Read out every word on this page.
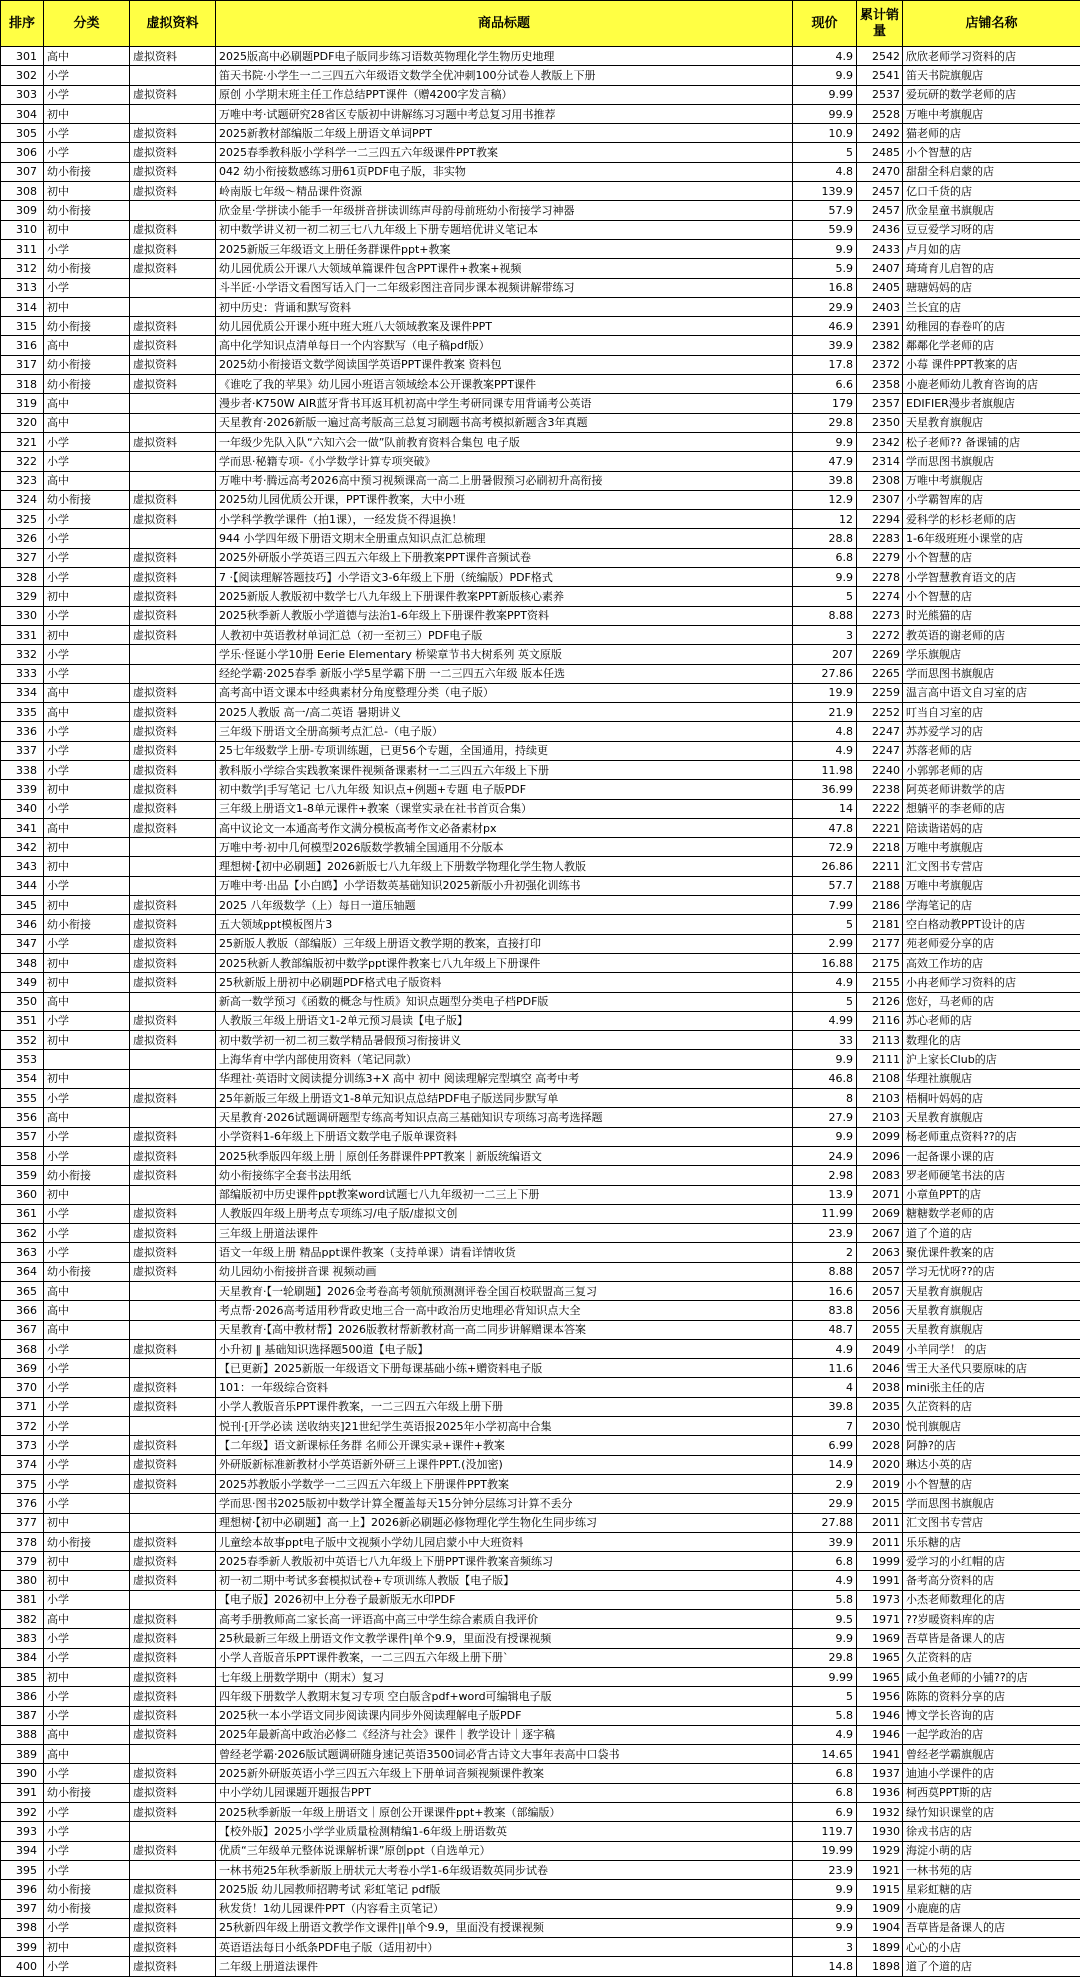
排序	分类	虚拟资料	商品标题	现价	累计销量	店铺名称
301	高中	虚拟资料	2025版高中必刷题PDF电子版同步练习语数英物理化学生物历史地理	4.9	2542	欣欣老师学习资料的店
302	小学		笛天书院·小学生一二三四五六年级语文数学全优冲刺100分试卷人教版上下册	9.9	2541	笛天书院旗舰店
303	小学	虚拟资料	原创 小学期末班主任工作总结PPT课件（赠4200字发言稿）	9.99	2537	爱玩研的数学老师的店
304	初中		万唯中考·试题研究28省区专版初中讲解练习习题中考总复习用书推荐	99.9	2528	万唯中考旗舰店
305	小学	虚拟资料	2025新教材部编版二年级上册语文单词PPT	10.9	2492	猫老师的店
306	小学	虚拟资料	2025春季教科版小学科学一二三四五六年级课件PPT教案	5	2485	小个智慧的店
307	幼小衔接	虚拟资料	042 幼小衔接数感练习册61页PDF电子版，非实物	4.8	2470	甜甜全科启蒙的店
308	初中	虚拟资料	岭南版七年级～精品课件资源	139.9	2457	亿口千货的店
309	幼小衔接		欣金星·学拼读小能手一年级拼音拼读训练声母韵母前班幼小衔接学习神器	57.9	2457	欣金星童书旗舰店
310	初中	虚拟资料	初中数学讲义初一初二初三七八九年级上下册专题培优讲义笔记本	59.9	2436	豆豆爱学习呀的店
311	小学	虚拟资料	2025新版三年级语文上册任务群课件ppt+教案	9.9	2433	卢月如的店
312	幼小衔接	虚拟资料	幼儿园优质公开课八大领域单篇课件包含PPT课件+教案+视频	5.9	2407	琦琦育儿启智的店
313	小学		斗半匠·小学语文看图写话入门一二年级彩图注音同步课本视频讲解带练习	16.8	2405	瑭瑭妈妈的店
314	初中		初中历史：背诵和默写资料	29.9	2403	兰长宜的店
315	幼小衔接	虚拟资料	幼儿园优质公开课小班中班大班八大领域教案及课件PPT	46.9	2391	幼稚园的春卷吖的店
316	高中	虚拟资料	高中化学知识点清单每日一个内容默写（电子稿pdf版）	39.9	2382	鄰鄰化学老师的店
317	幼小衔接	虚拟资料	2025幼小衔接语文数学阅读国学英语PPT课件教案 资料包	17.8	2372	小莓 课件PPT教案的店
318	幼小衔接	虚拟资料	《谁吃了我的苹果》幼儿园小班语言领域绘本公开课教案PPT课件	6.6	2358	小鹿老师幼儿教育咨询的店
319	高中		漫步者·K750W AIR蓝牙背书耳返耳机初高中学生考研同课专用背诵考公英语	179	2357	EDIFIER漫步者旗舰店
320	高中		天星教育·2026新版一遍过高考版高三总复习刷题书高考模拟新题含3年真题	29.8	2350	天星教育旗舰店
321	小学	虚拟资料	一年级少先队入队“六知六会一做”队前教育资料合集包 电子版	9.9	2342	松子老师?? 备课铺的店
322	小学		学而思·秘籍专项-《小学数学计算专项突破》	47.9	2314	学而思图书旗舰店
323	高中		万唯中考·腾远高考2026高中预习视频课高一高二上册暑假预习必刷初升高衔接	39.8	2308	万唯中考旗舰店
324	幼小衔接	虚拟资料	2025幼儿园优质公开课，PPT课件教案，大中小班	12.9	2307	小学霸智库的店
325	小学	虚拟资料	小学科学教学课件（拍1课），一经发货不得退换！	12	2294	爱科学的杉杉老师的店
326	小学		944 小学四年级下册语文期末全册重点知识点汇总梳理	28.8	2283	1-6年级班班小课堂的店
327	小学	虚拟资料	2025外研版小学英语三四五六年级上下册教案PPT课件音频试卷	6.8	2279	小个智慧的店
328	小学	虚拟资料	7 ·【阅读理解答题技巧】小学语文3-6年级上下册（统编版）PDF格式	9.9	2278	小学智慧教育语文的店
329	初中	虚拟资料	2025新版人教版初中数学七八九年级上下册课件教案PPT新版核心素养	5	2274	小个智慧的店
330	小学	虚拟资料	2025秋季新人教版小学道德与法治1-6年级上下册课件教案PPT资料	8.88	2273	时光熊猫的店
331	初中	虚拟资料	人教初中英语教材单词汇总（初一至初三）PDF电子版	3	2272	教英语的谢老师的店
332	小学		学乐·怪诞小学10册 Eerie Elementary 桥梁章节书大树系列 英文原版	207	2269	学乐旗舰店
333	小学		经纶学霸·2025春季 新版小学5星学霸下册 一二三四五六年级 版本任选	27.86	2265	学而思图书旗舰店
334	高中	虚拟资料	高考高中语文课本中经典素材分角度整理分类（电子版）	19.9	2259	温言高中语文自习室的店
335	高中	虚拟资料	2025人教版 高一/高二英语 暑期讲义	21.9	2252	叮当自习室的店
336	小学	虚拟资料	三年级下册语文全册高频考点汇总-（电子版）	4.8	2247	苏苏爱学习的店
337	小学	虚拟资料	25七年级数学上册-专项训练题，已更56个专题，全国通用，持续更	4.9	2247	苏落老师的店
338	小学	虚拟资料	教科版小学综合实践教案课件视频备课素材一二三四五六年级上下册	11.98	2240	小郭郭老师的店
339	初中	虚拟资料	初中数学|手写笔记 七八九年级 知识点+例题+专题 电子版PDF	36.99	2238	阿英老师讲数学的店
340	小学	虚拟资料	三年级上册语文1-8单元课件+教案（课堂实录在社书首页合集）	14	2222	想躺平的李老师的店
341	高中	虚拟资料	高中议论文一本通高考作文满分模板高考作文必备素材px	47.8	2221	陪读谐诺妈的店
342	初中		万唯中考·初中几何模型2026版数学教辅全国通用不分版本	72.9	2218	万唯中考旗舰店
343	初中		理想树·【初中必刷题】2026新版七八九年级上下册数学物理化学生物人教版	26.86	2211	汇文图书专营店
344	小学		万唯中考·出品【小白鸥】小学语数英基础知识2025新版小升初强化训练书	57.7	2188	万唯中考旗舰店
345	初中	虚拟资料	2025 八年级数学（上）每日一道压轴题	7.99	2186	学海笔记的店
346	幼小衔接	虚拟资料	五大领域ppt模板图片3	5	2181	空白格动教PPT设计的店
347	小学	虚拟资料	25新版人教版（部编版）三年级上册语文教学期的教案，直接打印	2.99	2177	苑老师爱分享的店
348	初中	虚拟资料	2025秋新人教部编版初中数学ppt课件教案七八九年级上下册课件	16.88	2175	高效工作坊的店
349	初中	虚拟资料	25秋新版上册初中必刷题PDF格式电子版资料	4.9	2155	小冉老师学习资料的店
350	高中		新高一数学预习《函数的概念与性质》知识点题型分类电子档PDF版	5	2126	您好，马老师的店
351	小学	虚拟资料	人教版三年级上册语文1-2单元预习晨读【电子版】	4.99	2116	苏心老师的店
352	初中	虚拟资料	初中数学初一初二初三数学精品暑假预习衔接讲义	33	2113	数理化的店
353			上海华育中学内部使用资料（笔记同款）	9.9	2111	沪上家长Club的店
354	初中		华理社·英语时文阅读提分训练3+X 高中 初中 阅读理解完型填空 高考中考	46.8	2108	华理社旗舰店
355	小学	虚拟资料	25年新版三年级上册语文1-8单元知识点总结PDF电子版送同步默写单	8	2103	梧桐叶妈妈的店
356	高中		天星教育·2026试题调研题型专练高考知识点高三基础知识专项练习高考选择题	27.9	2103	天星教育旗舰店
357	小学	虚拟资料	小学资料1-6年级上下册语文数学电子版单课资料	9.9	2099	杨老师重点资料??的店
358	小学	虚拟资料	2025秋季版四年级上册｜原创任务群课件PPT教案｜新版统编语文	24.9	2096	一起备课小课的店
359	幼小衔接	虚拟资料	幼小衔接练字全套书法用纸	2.98	2083	罗老师硬笔书法的店
360	初中		部编版初中历史课件ppt教案word试题七八九年级初一二三上下册	13.9	2071	小章鱼PPT的店
361	小学	虚拟资料	人教版四年级上册考点专项练习/电子版/虚拟文创	11.99	2069	糖糖数学老师的店
362	小学	虚拟资料	三年级上册道法课件	23.9	2067	道了个道的店
363	小学	虚拟资料	语文一年级上册 精品ppt课件教案（支持单课）请看详情收货	2	2063	聚优课件教案的店
364	幼小衔接	虚拟资料	幼儿园幼小衔接拼音课 视频动画	8.88	2057	学习无忧呀??的店
365	高中		天星教育·【一轮刷题】2026金考卷高考领航预测测评卷全国百校联盟高三复习	16.6	2057	天星教育旗舰店
366	高中		考点帮·2026高考适用秒背政史地三合一高中政治历史地理必背知识点大全	83.8	2056	天星教育旗舰店
367	高中		天星教育·【高中教材帮】2026版教材帮新教材高一高二同步讲解赠课本答案	48.7	2055	天星教育旗舰店
368	小学	虚拟资料	小升初 ‖ 基础知识选择题500道【电子版】	4.9	2049	小羊同学！ 的店
369	小学		【已更新】2025新版一年级语文下册每课基础小练+赠资料电子版	11.6	2046	雪王大圣代只要原味的店
370	小学	虚拟资料	101：一年级综合资料	4	2038	mini张主任的店
371	小学	虚拟资料	小学人教版音乐PPT课件教案，一二三四五六年级上册下册	39.8	2035	久芷资料的店
372	小学		悦刊·[开学必读 送收纳夹]21世纪学生英语报2025年小学初高中合集	7	2030	悦刊旗舰店
373	小学	虚拟资料	【二年级】语文新课标任务群 名师公开课实录+课件+教案	6.99	2028	阿静?的店
374	小学	虚拟资料	外研版新标准新教材小学英语新外研三上课件PPT.(没加密)	14.9	2020	琳达小英的店
375	小学	虚拟资料	2025苏教版小学数学一二三四五六年级上下册课件PPT教案	2.9	2019	小个智慧的店
376	小学		学而思·图书2025版初中数学计算全覆盖每天15分钟分层练习计算不丢分	29.9	2015	学而思图书旗舰店
377	初中		理想树·【初中必刷题】高一上】2026新必刷题必修物理化学生物化生同步练习	27.88	2011	汇文图书专营店
378	幼小衔接	虚拟资料	儿童绘本故事ppt电子版中文视频小学幼儿园启蒙小中大班资料	39.9	2011	乐乐糖的店
379	初中	虚拟资料	2025春季新人教版初中英语七八九年级上下册PPT课件教案音频练习	6.8	1999	爱学习的小红帽的店
380	初中	虚拟资料	初一初二期中考试多套模拟试卷+专项训练人教版【电子版】	4.9	1991	备考高分资料的店
381	小学		【电子版】2026初中上分卷子最新版无水印PDF	5.8	1973	小杰老师数理化的店
382	高中	虚拟资料	高考手册教师高二家长高一评语高中高三中学生综合素质自我评价	9.5	1971	??岁暖资料库的店
383	小学	虚拟资料	25秋最新三年级上册语文作文教学课件|单个9.9，里面没有授课视频	9.9	1969	吾草皆是备课人的店
384	小学	虚拟资料	小学人音版音乐PPT课件教案，一二三四五六年级上册下册`	29.8	1965	久芷资料的店
385	初中	虚拟资料	七年级上册数学期中（期末）复习	9.99	1965	咸小鱼老师的小铺??的店
386	小学	虚拟资料	四年级下册数学人教期末复习专项 空白版含pdf+word可编辑电子版	5	1956	陈陈的资料分享的店
387	小学	虚拟资料	2025秋一本小学语文同步阅读课内同步外阅读理解电子版PDF	5.8	1946	博文学长咨询的店
388	高中	虚拟资料	2025年最新高中政治必修二《经济与社会》课件｜教学设计｜逐字稿	4.9	1946	一起学政治的店
389	高中		曾经老学霸·2026版试题调研随身速记英语3500词必背古诗文大事年表高中口袋书	14.65	1941	曾经老学霸旗舰店
390	小学	虚拟资料	2025新外研版英语小学三四五六年级上下册单词音频视频课件教案	6.8	1937	迪迪小学课件的店
391	幼小衔接	虚拟资料	中小学幼儿园课题开题报告PPT	6.8	1936	柯西莫PPT斯的店
392	小学	虚拟资料	2025秋季新版一年级上册语文｜原创公开课课件ppt+教案（部编版）	6.9	1932	绿竹知识课堂的店
393	小学		【校外版】2025小学学业质量检测精编1-6年级上册语数英	119.7	1930	徐戎书店的店
394	小学	虚拟资料	优质“三年级单元整体说课解析课”原创ppt（自选单元）	19.99	1929	海淀小萌的店
395	小学		一林书苑25年秋季新版上册状元大考卷小学1-6年级语数英同步试卷	23.9	1921	一林书苑的店
396	幼小衔接	虚拟资料	2025版 幼儿园教师招聘考试 彩虹笔记 pdf版	9.9	1915	星彩虹糖的店
397	幼小衔接	虚拟资料	秋发货！1幼儿园课件PPT（内容看主页笔记）	9.9	1909	小鹿鹿的店
398	小学	虚拟资料	25秋新四年级上册语文教学作文课件||单个9.9，里面没有授课视频	9.9	1904	吾草皆是备课人的店
399	初中	虚拟资料	英语语法每日小纸条PDF电子版（适用初中）	3	1899	心心的小店
400	小学	虚拟资料	二年级上册道法课件	14.8	1898	道了个道的店
